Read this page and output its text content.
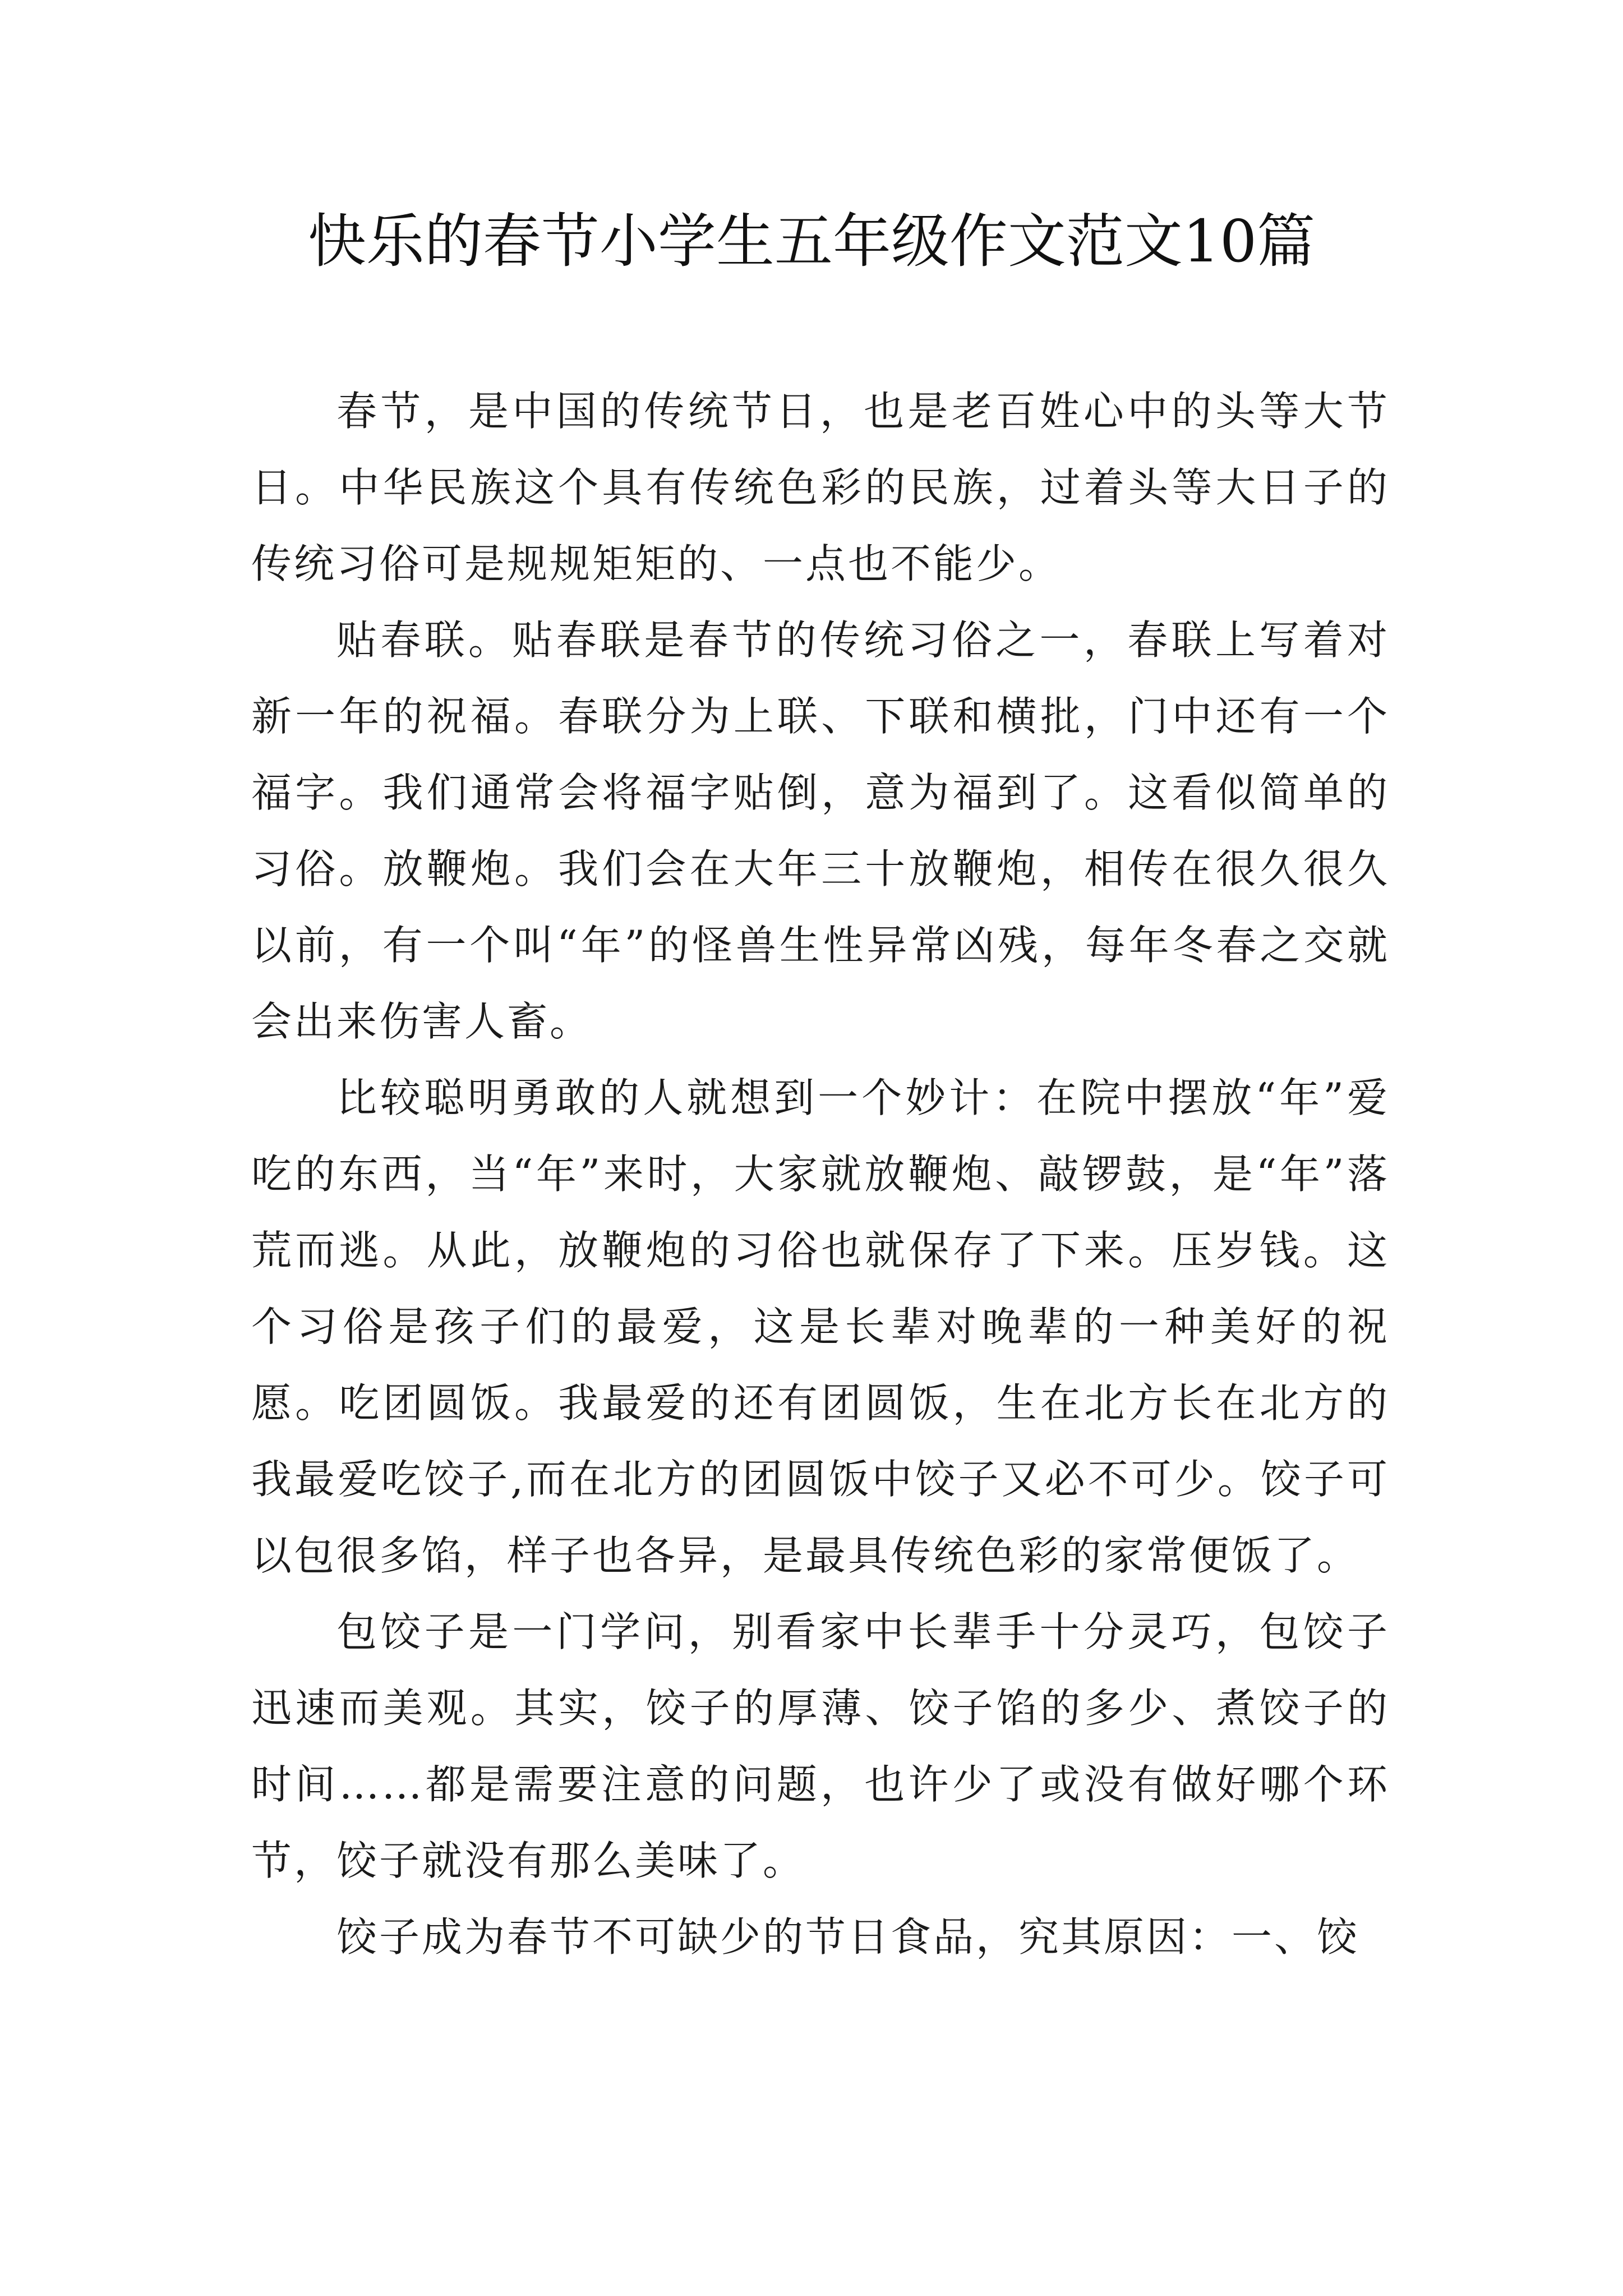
快乐的春节小学生五年级作文范文10篇

春节，是中国的传统节日，也是老百姓心中的头等大节日。中华民族这个具有传统色彩的民族，过着头等大日子的传统习俗可是规规矩矩的、一点也不能少。

贴春联。贴春联是春节的传统习俗之一，春联上写着对新一年的祝福。春联分为上联、下联和横批，门中还有一个福字。我们通常会将福字贴倒，意为福到了。这看似简单的习俗。放鞭炮。我们会在大年三十放鞭炮，相传在很久很久以前，有一个叫“年”的怪兽生性异常凶残，每年冬春之交就会出来伤害人畜。

比较聪明勇敢的人就想到一个妙计：在院中摆放“年”爱吃的东西，当“年”来时，大家就放鞭炮、敲锣鼓，是“年”落荒而逃。从此，放鞭炮的习俗也就保存了下来。压岁钱。这个习俗是孩子们的最爱，这是长辈对晚辈的一种美好的祝愿。吃团圆饭。我最爱的还有团圆饭，生在北方长在北方的我最爱吃饺子,而在北方的团圆饭中饺子又必不可少。饺子可以包很多馅，样子也各异，是最具传统色彩的家常便饭了。

包饺子是一门学问，别看家中长辈手十分灵巧，包饺子迅速而美观。其实，饺子的厚薄、饺子馅的多少、煮饺子的时间……都是需要注意的问题，也许少了或没有做好哪个环节，饺子就没有那么美味了。

饺子成为春节不可缺少的节日食品，究其原因：一、饺
